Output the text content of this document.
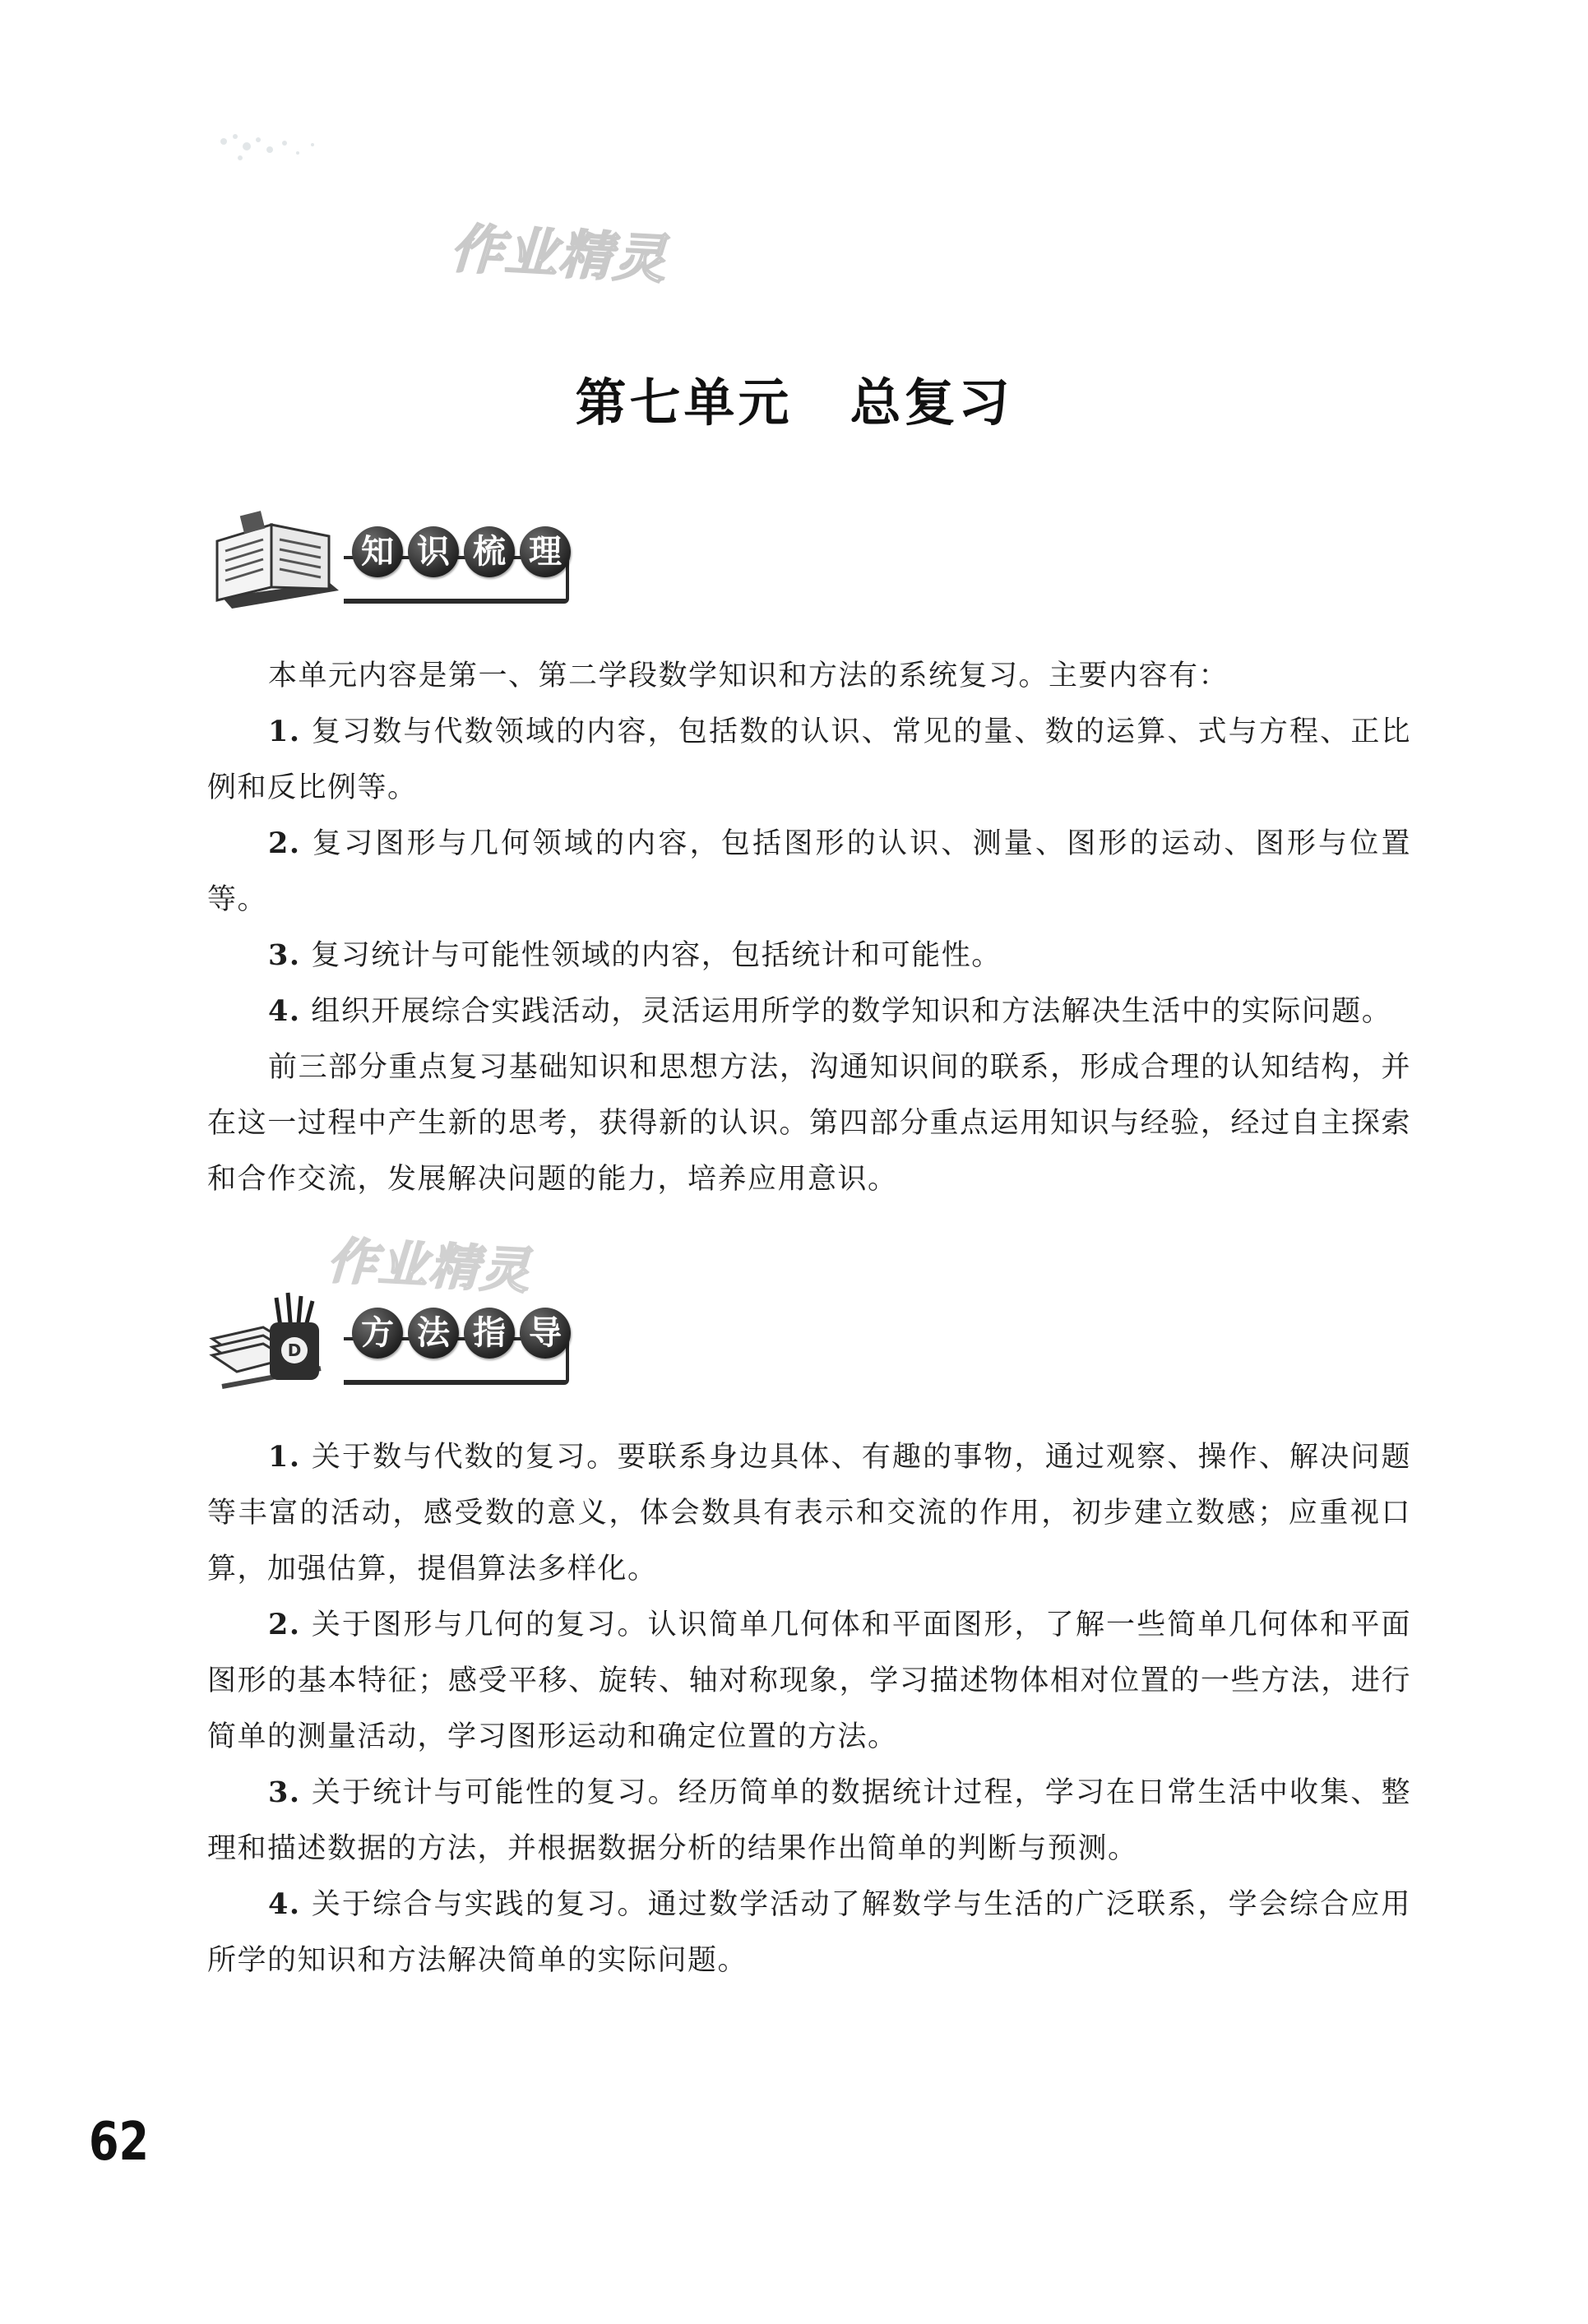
作业精灵
第七单元 总复习
知 识 梳 理

本单元内容是第一、第二学段数学知识和方法的系统复习。主要内容有：

1. 复习数与代数领域的内容，包括数的认识、常见的量、数的运算、式与方程、正比例和反比例等。

2. 复习图形与几何领域的内容，包括图形的认识、测量、图形的运动、图形与位置等。

3. 复习统计与可能性领域的内容，包括统计和可能性。

4. 组织开展综合实践活动，灵活运用所学的数学知识和方法解决生活中的实际问题。

前三部分重点复习基础知识和思想方法，沟通知识间的联系，形成合理的认知结构，并在这一过程中产生新的思考，获得新的认识。第四部分重点运用知识与经验，经过自主探索和合作交流，发展解决问题的能力，培养应用意识。

作业精灵
D 方 法 指 导

1. 关于数与代数的复习。要联系身边具体、有趣的事物，通过观察、操作、解决问题等丰富的活动，感受数的意义，体会数具有表示和交流的作用，初步建立数感；应重视口算，加强估算，提倡算法多样化。

2. 关于图形与几何的复习。认识简单几何体和平面图形，了解一些简单几何体和平面图形的基本特征；感受平移、旋转、轴对称现象，学习描述物体相对位置的一些方法，进行简单的测量活动，学习图形运动和确定位置的方法。

3. 关于统计与可能性的复习。经历简单的数据统计过程，学习在日常生活中收集、整理和描述数据的方法，并根据数据分析的结果作出简单的判断与预测。

4. 关于综合与实践的复习。通过数学活动了解数学与生活的广泛联系，学会综合应用所学的知识和方法解决简单的实际问题。

62
